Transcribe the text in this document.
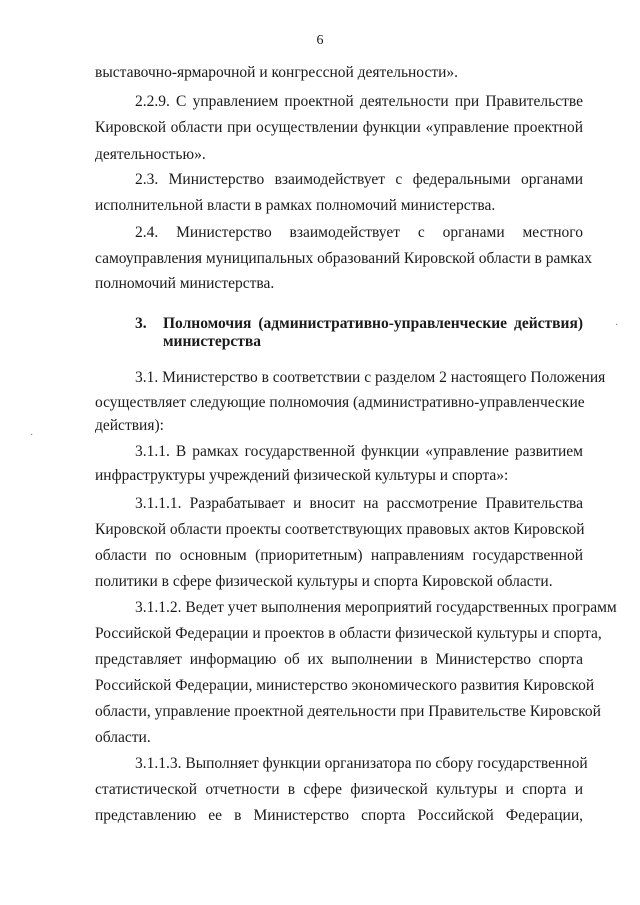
6
выставочно-ярмарочной и конгрессной деятельности».
2.2.9. С управлением проектной деятельности при Правительстве
Кировской области при осуществлении функции «управление проектной
деятельностью».
2.3. Министерство взаимодействует с федеральными органами
исполнительной власти в рамках полномочий министерства.
2.4. Министерство взаимодействует с органами местного
самоуправления муниципальных образований Кировской области в рамках
полномочий министерства.
3. Полномочия (административно-управленческие действия)
министерства
3.1. Министерство в соответствии с разделом 2 настоящего Положения
осуществляет следующие полномочия (административно-управленческие
действия):
3.1.1. В рамках государственной функции «управление развитием
инфраструктуры учреждений физической культуры и спорта»:
3.1.1.1. Разрабатывает и вносит на рассмотрение Правительства
Кировской области проекты соответствующих правовых актов Кировской
области по основным (приоритетным) направлениям государственной
политики в сфере физической культуры и спорта Кировской области.
3.1.1.2. Ведет учет выполнения мероприятий государственных программ
Российской Федерации и проектов в области физической культуры и спорта,
представляет информацию об их выполнении в Министерство спорта
Российской Федерации, министерство экономического развития Кировской
области, управление проектной деятельности при Правительстве Кировской
области.
3.1.1.3. Выполняет функции организатора по сбору государственной
статистической отчетности в сфере физической культуры и спорта и
представлению ее в Министерство спорта Российской Федерации,
·
·
